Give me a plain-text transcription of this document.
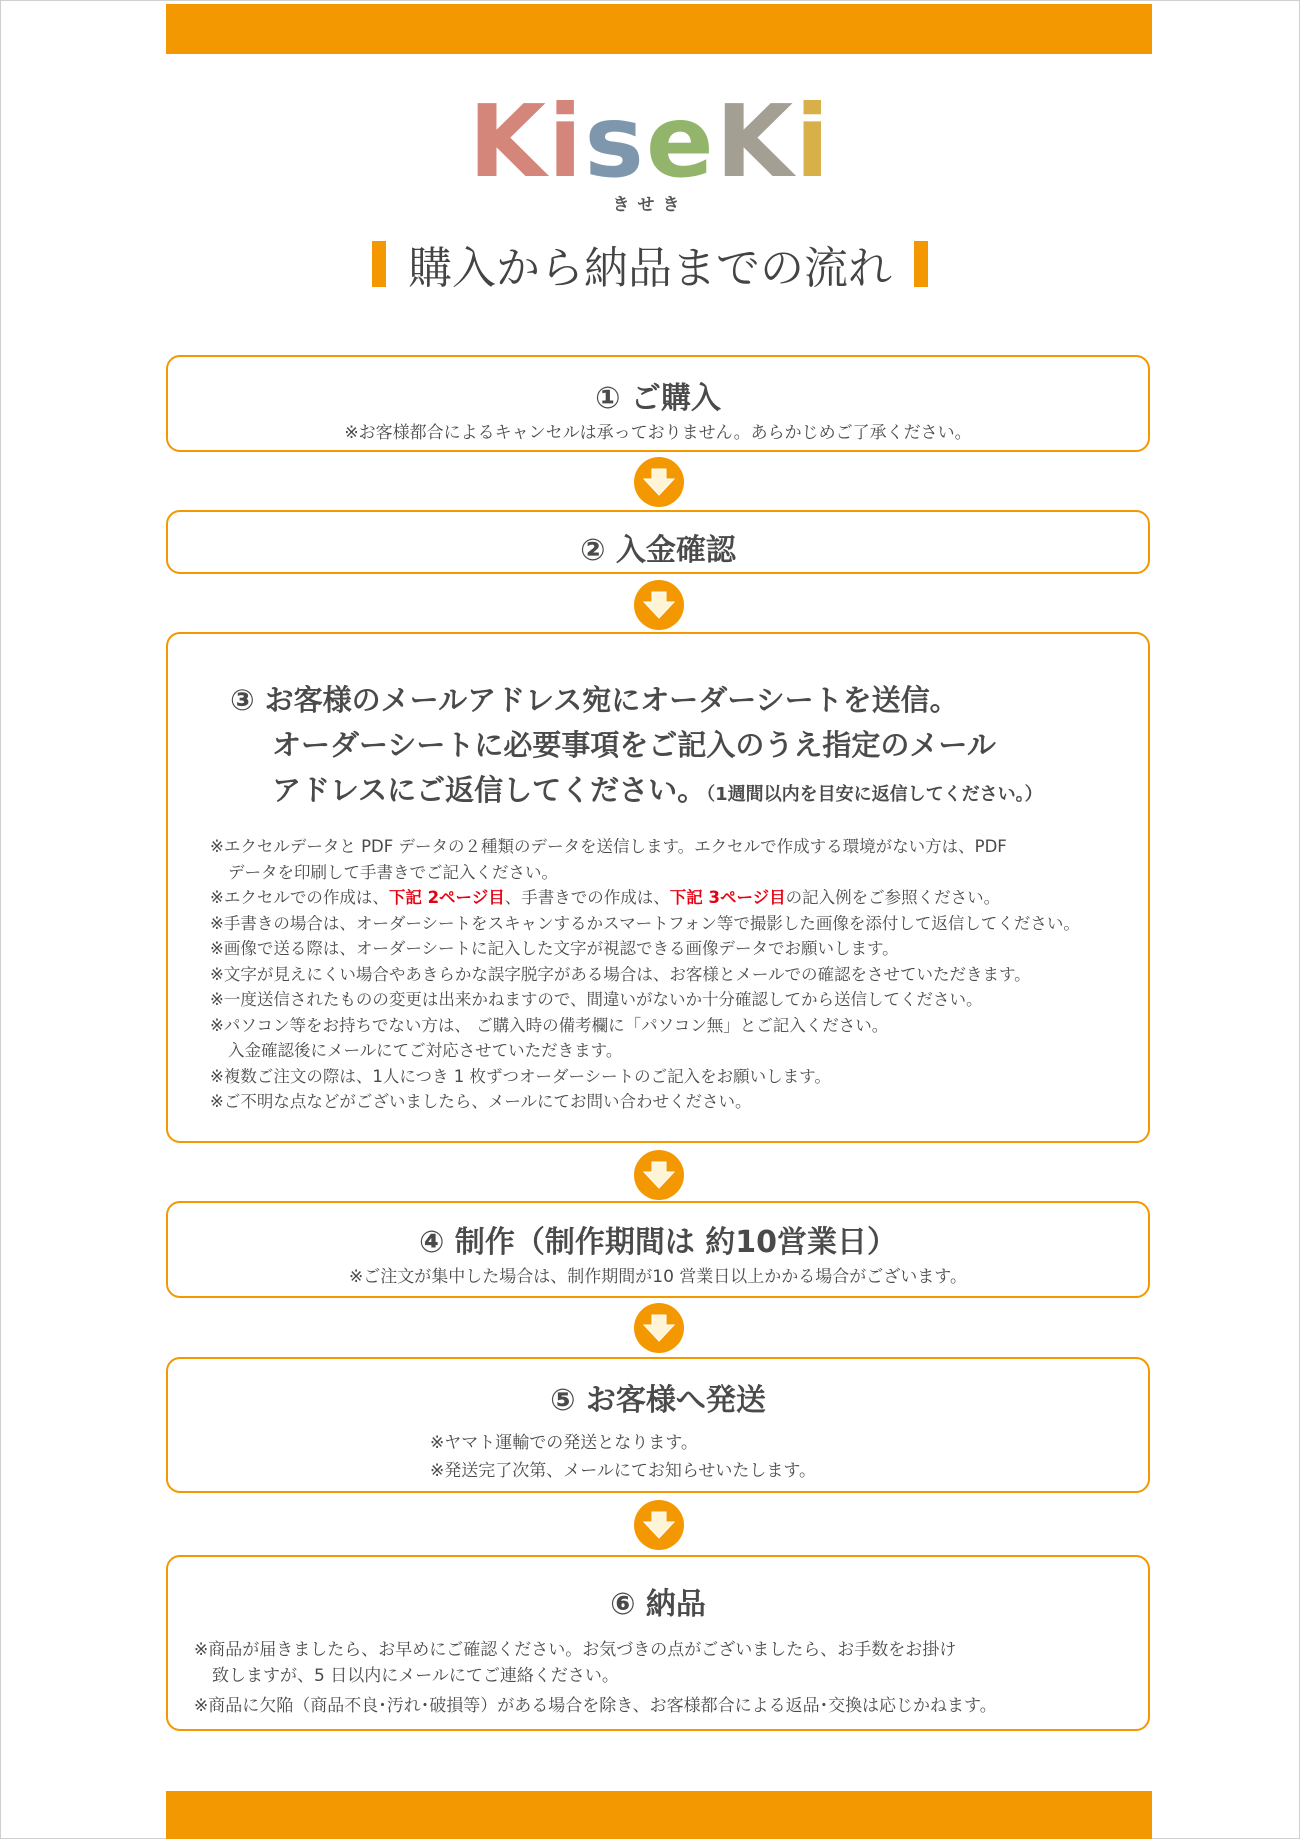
KiseKi
きせき
購入から納品までの流れ
① ご購入
※お客様都合によるキャンセルは承っておりません。あらかじめご了承ください。
② 入金確認
③ お客様のメールアドレス宛にオーダーシートを送信。
オーダーシートに必要事項をご記入のうえ指定のメール
アドレスにご返信してください。（1週間以内を目安に返信してください。）
※エクセルデータと PDF データの２種類のデータを送信します。エクセルで作成する環境がない方は、PDF
データを印刷して手書きでご記入ください。
※エクセルでの作成は、下記 2ページ目、手書きでの作成は、下記 3ページ目の記入例をご参照ください。
※手書きの場合は、オーダーシートをスキャンするかスマートフォン等で撮影した画像を添付して返信してください。
※画像で送る際は、オーダーシートに記入した文字が視認できる画像データでお願いします。
※文字が見えにくい場合やあきらかな誤字脱字がある場合は、お客様とメールでの確認をさせていただきます。
※一度送信されたものの変更は出来かねますので、間違いがないか十分確認してから送信してください。
※パソコン等をお持ちでない方は、 ご購入時の備考欄に「パソコン無」とご記入ください。
入金確認後にメールにてご対応させていただきます。
※複数ご注文の際は、1人につき 1 枚ずつオーダーシートのご記入をお願いします。
※ご不明な点などがございましたら、メールにてお問い合わせください。
④ 制作（制作期間は 約10営業日）
※ご注文が集中した場合は、制作期間が10 営業日以上かかる場合がございます。
⑤ お客様へ発送
※ヤマト運輸での発送となります。
※発送完了次第、メールにてお知らせいたします。
⑥ 納品
※商品が届きましたら、お早めにご確認ください。お気づきの点がございましたら、お手数をお掛け
致しますが、5 日以内にメールにてご連絡ください。
※商品に欠陥（商品不良･汚れ･破損等）がある場合を除き、お客様都合による返品･交換は応じかねます。
